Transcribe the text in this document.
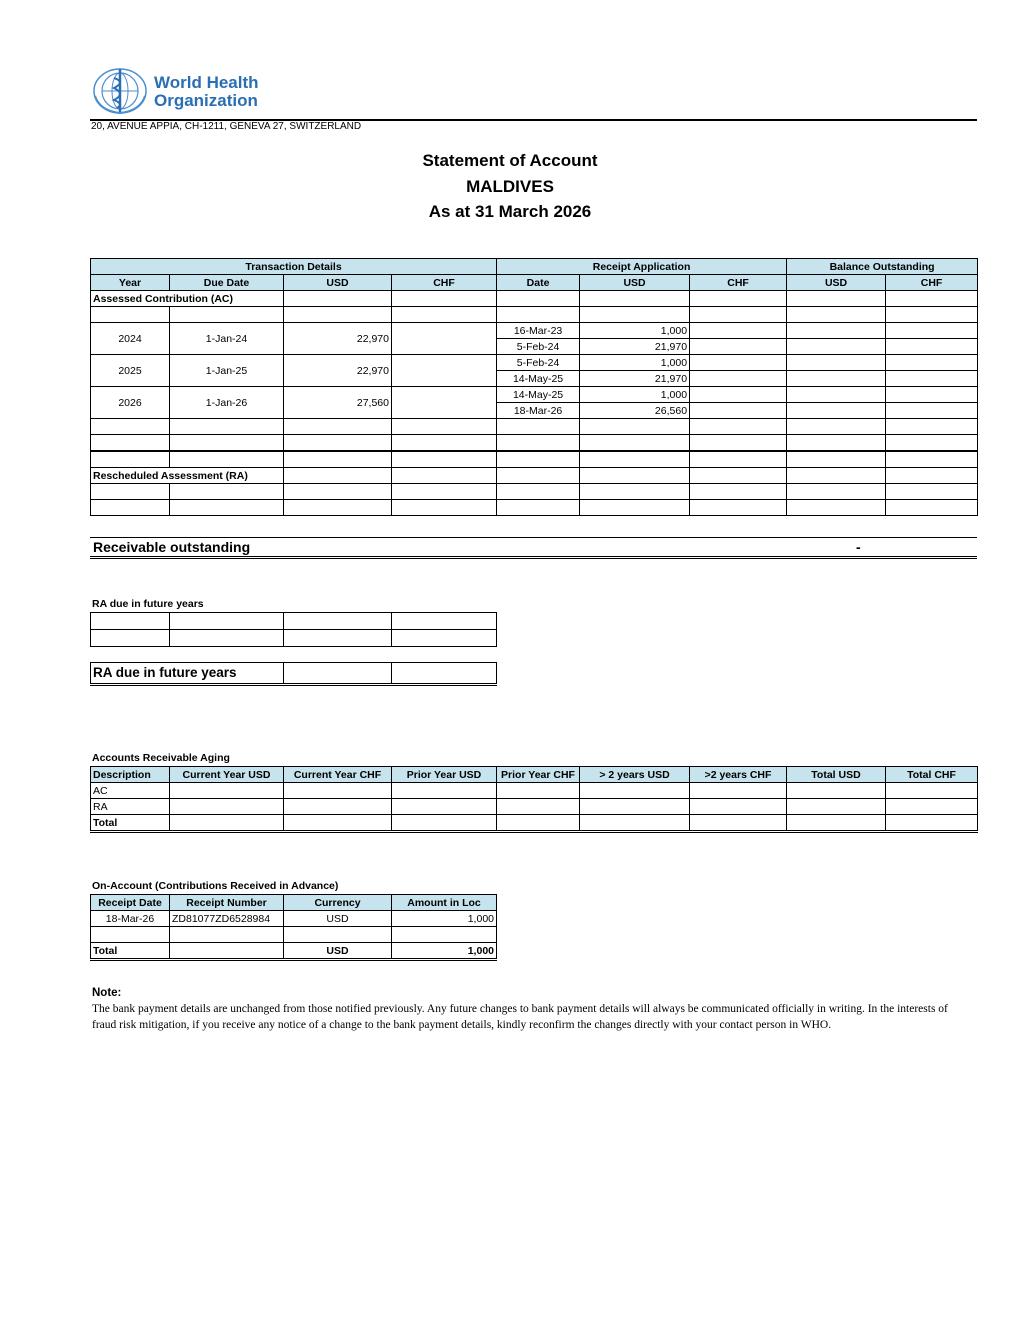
World Health
Organization
20, AVENUE APPIA, CH-1211, GENEVA 27, SWITZERLAND
Statement of Account
MALDIVES
As at 31 March 2026
Transaction Details				Receipt Application			Balance Outstanding	
Year	Due Date	USD	CHF	Date	USD	CHF	USD	CHF
Assessed Contribution (AC)								

2024	1-Jan-24	22,970		16-Mar-23	1,000			
				5-Feb-24	21,970			
2025	1-Jan-25	22,970		5-Feb-24	1,000			
				14-May-25	21,970			
2026	1-Jan-26	27,560		14-May-25	1,000			
				18-Mar-26	26,560			

Rescheduled Assessment (RA)								

Receivable outstanding	-
RA due in future years

RA due in future years		
Accounts Receivable Aging
Description	Current Year USD	Current Year CHF	Prior Year USD	Prior Year CHF	> 2 years USD	>2 years CHF	Total USD	Total CHF
AC								
RA								
Total								
On-Account (Contributions Received in Advance)
Receipt Date	Receipt Number	Currency	Amount in Loc
18-Mar-26	ZD81077ZD6528984	USD	1,000

Total		USD	1,000
Note:
The bank payment details are unchanged from those notified previously. Any future changes to bank payment details will always be communicated officially in writing. In the interests of fraud risk mitigation, if you receive any notice of a change to the bank payment details, kindly reconfirm the changes directly with your contact person in WHO.
